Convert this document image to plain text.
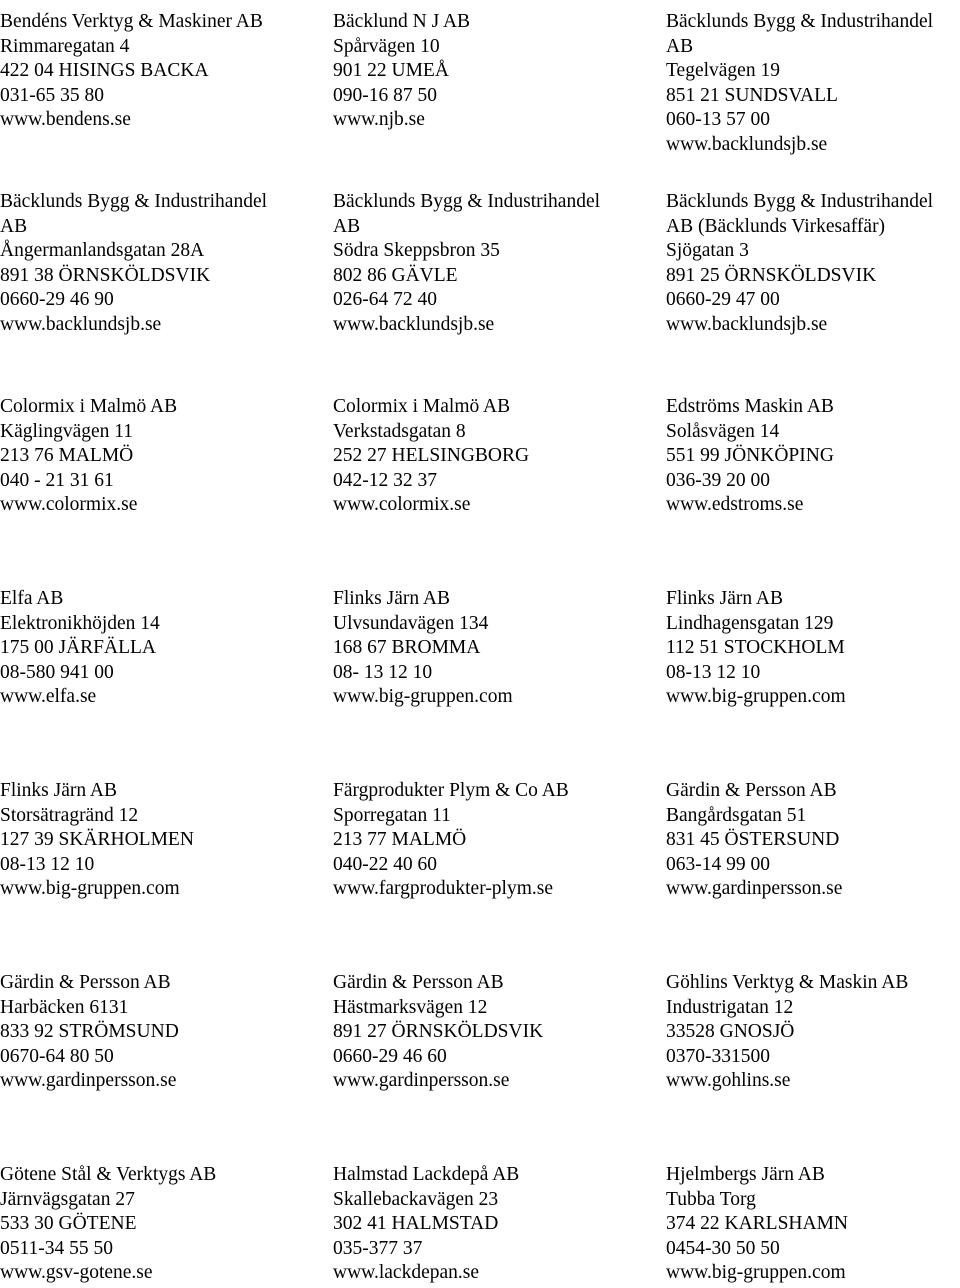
Bendéns Verktyg & Maskiner AB
Rimmaregatan 4
422 04 HISINGS BACKA
031-65 35 80
www.bendens.se
Bäcklund N J AB
Spårvägen 10
901 22 UMEÅ
090-16 87 50
www.njb.se
Bäcklunds Bygg & Industrihandel
AB
Tegelvägen 19
851 21 SUNDSVALL
060-13 57 00
www.backlundsjb.se
Bäcklunds Bygg & Industrihandel
AB
Ångermanlandsgatan 28A
891 38 ÖRNSKÖLDSVIK
0660-29 46 90
www.backlundsjb.se
Bäcklunds Bygg & Industrihandel
AB
Södra Skeppsbron 35
802 86 GÄVLE
026-64 72 40
www.backlundsjb.se
Bäcklunds Bygg & Industrihandel
AB (Bäcklunds Virkesaffär)
Sjögatan 3
891 25 ÖRNSKÖLDSVIK
0660-29 47 00
www.backlundsjb.se
Colormix i Malmö AB
Käglingvägen 11
213 76 MALMÖ
040 - 21 31 61
www.colormix.se
Colormix i Malmö AB
Verkstadsgatan 8
252 27 HELSINGBORG
042-12 32 37
www.colormix.se
Edströms Maskin AB
Solåsvägen 14
551 99 JÖNKÖPING
036-39 20 00
www.edstroms.se
Elfa AB
Elektronikhöjden 14
175 00 JÄRFÄLLA
08-580 941 00
www.elfa.se
Flinks Järn AB
Ulvsundavägen 134
168 67 BROMMA
08- 13 12 10
www.big-gruppen.com
Flinks Järn AB
Lindhagensgatan 129
112 51 STOCKHOLM
08-13 12 10
www.big-gruppen.com
Flinks Järn AB
Storsätragränd 12
127 39 SKÄRHOLMEN
08-13 12 10
www.big-gruppen.com
Färgprodukter Plym & Co AB
Sporregatan 11
213 77 MALMÖ
040-22 40 60
www.fargprodukter-plym.se
Gärdin & Persson AB
Bangårdsgatan 51
831 45 ÖSTERSUND
063-14 99 00
www.gardinpersson.se
Gärdin & Persson AB
Harbäcken 6131
833 92 STRÖMSUND
0670-64 80 50
www.gardinpersson.se
Gärdin & Persson AB
Hästmarksvägen 12
891 27 ÖRNSKÖLDSVIK
0660-29 46 60
www.gardinpersson.se
Göhlins Verktyg & Maskin AB
Industrigatan 12
33528 GNOSJÖ
0370-331500
www.gohlins.se
Götene Stål & Verktygs AB
Järnvägsgatan 27
533 30 GÖTENE
0511-34 55 50
www.gsv-gotene.se
Halmstad Lackdepå AB
Skallebackavägen 23
302 41 HALMSTAD
035-377 37
www.lackdepan.se
Hjelmbergs Järn AB
Tubba Torg
374 22 KARLSHAMN
0454-30 50 50
www.big-gruppen.com
